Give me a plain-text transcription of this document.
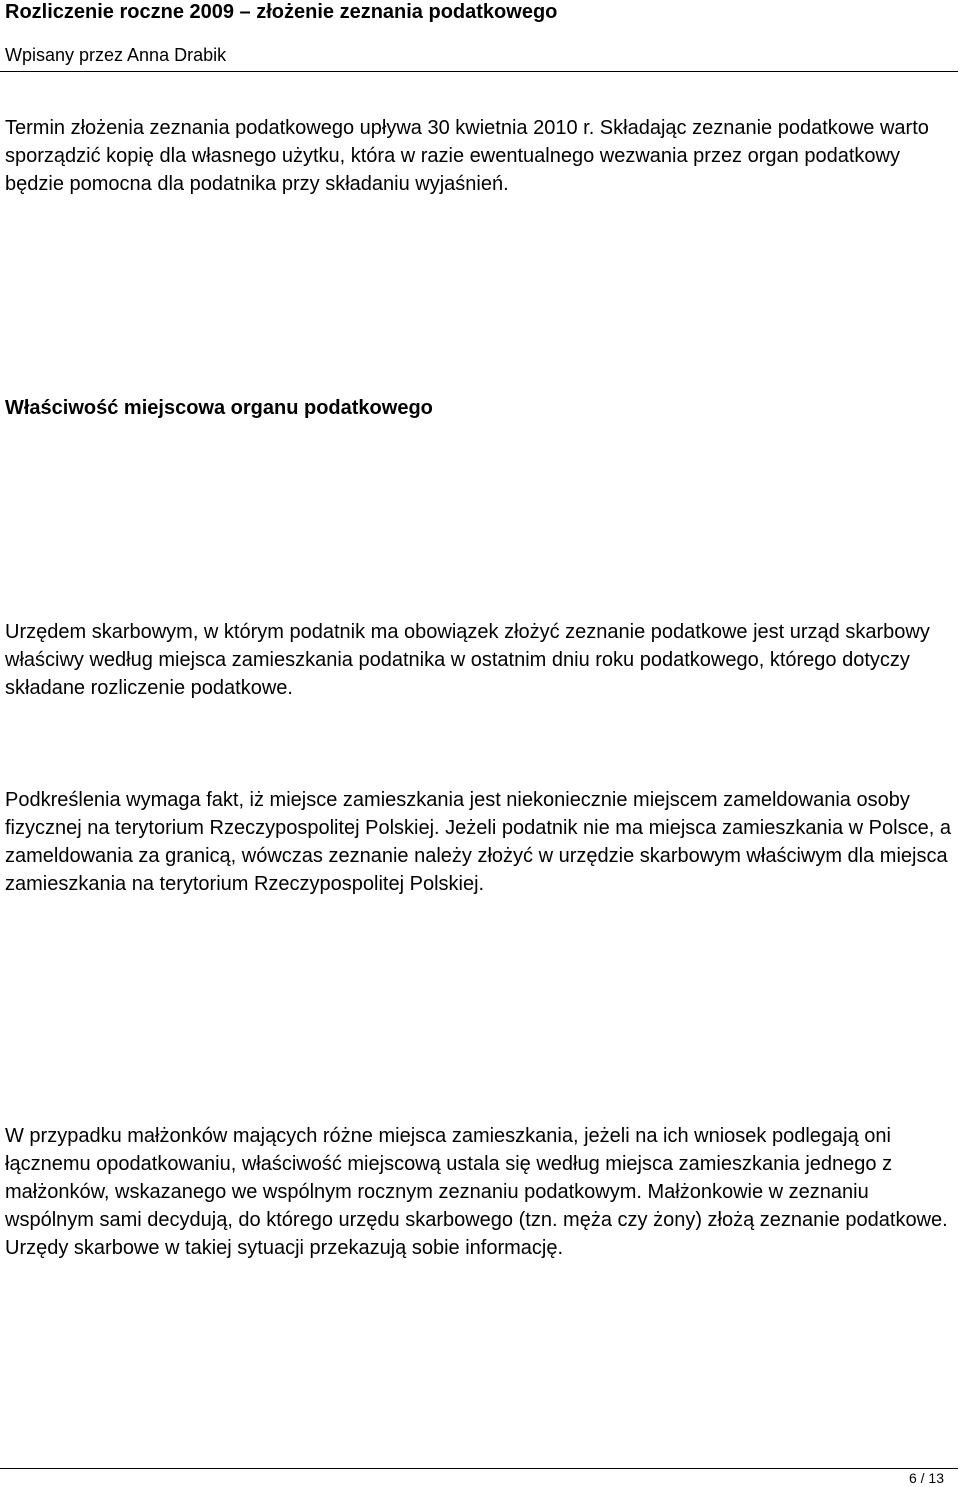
Rozliczenie roczne 2009 – złożenie zeznania podatkowego
Wpisany przez Anna Drabik

Termin złożenia zeznania podatkowego upływa 30 kwietnia 2010 r. Składając zeznanie podatkowe warto sporządzić kopię dla własnego użytku, która w razie ewentualnego wezwania przez organ podatkowy będzie pomocna dla podatnika przy składaniu wyjaśnień.

Właściwość miejscowa organu podatkowego

Urzędem skarbowym, w którym podatnik ma obowiązek złożyć zeznanie podatkowe jest urząd skarbowy właściwy według miejsca zamieszkania podatnika w ostatnim dniu roku podatkowego, którego dotyczy składane rozliczenie podatkowe.

Podkreślenia wymaga fakt, iż miejsce zamieszkania jest niekoniecznie miejscem zameldowania osoby fizycznej na terytorium Rzeczypospolitej Polskiej. Jeżeli podatnik nie ma miejsca zamieszkania w Polsce, a zameldowania za granicą, wówczas zeznanie należy złożyć w urzędzie skarbowym właściwym dla miejsca zamieszkania na terytorium Rzeczypospolitej Polskiej.

W przypadku małżonków mających różne miejsca zamieszkania, jeżeli na ich wniosek podlegają oni łącznemu opodatkowaniu, właściwość miejscową ustala się według miejsca zamieszkania jednego z małżonków, wskazanego we wspólnym rocznym zeznaniu podatkowym. Małżonkowie w zeznaniu wspólnym sami decydują, do którego urzędu skarbowego (tzn. męża czy żony) złożą zeznanie podatkowe. Urzędy skarbowe w takiej sytuacji przekazują sobie informację.

6 / 13
